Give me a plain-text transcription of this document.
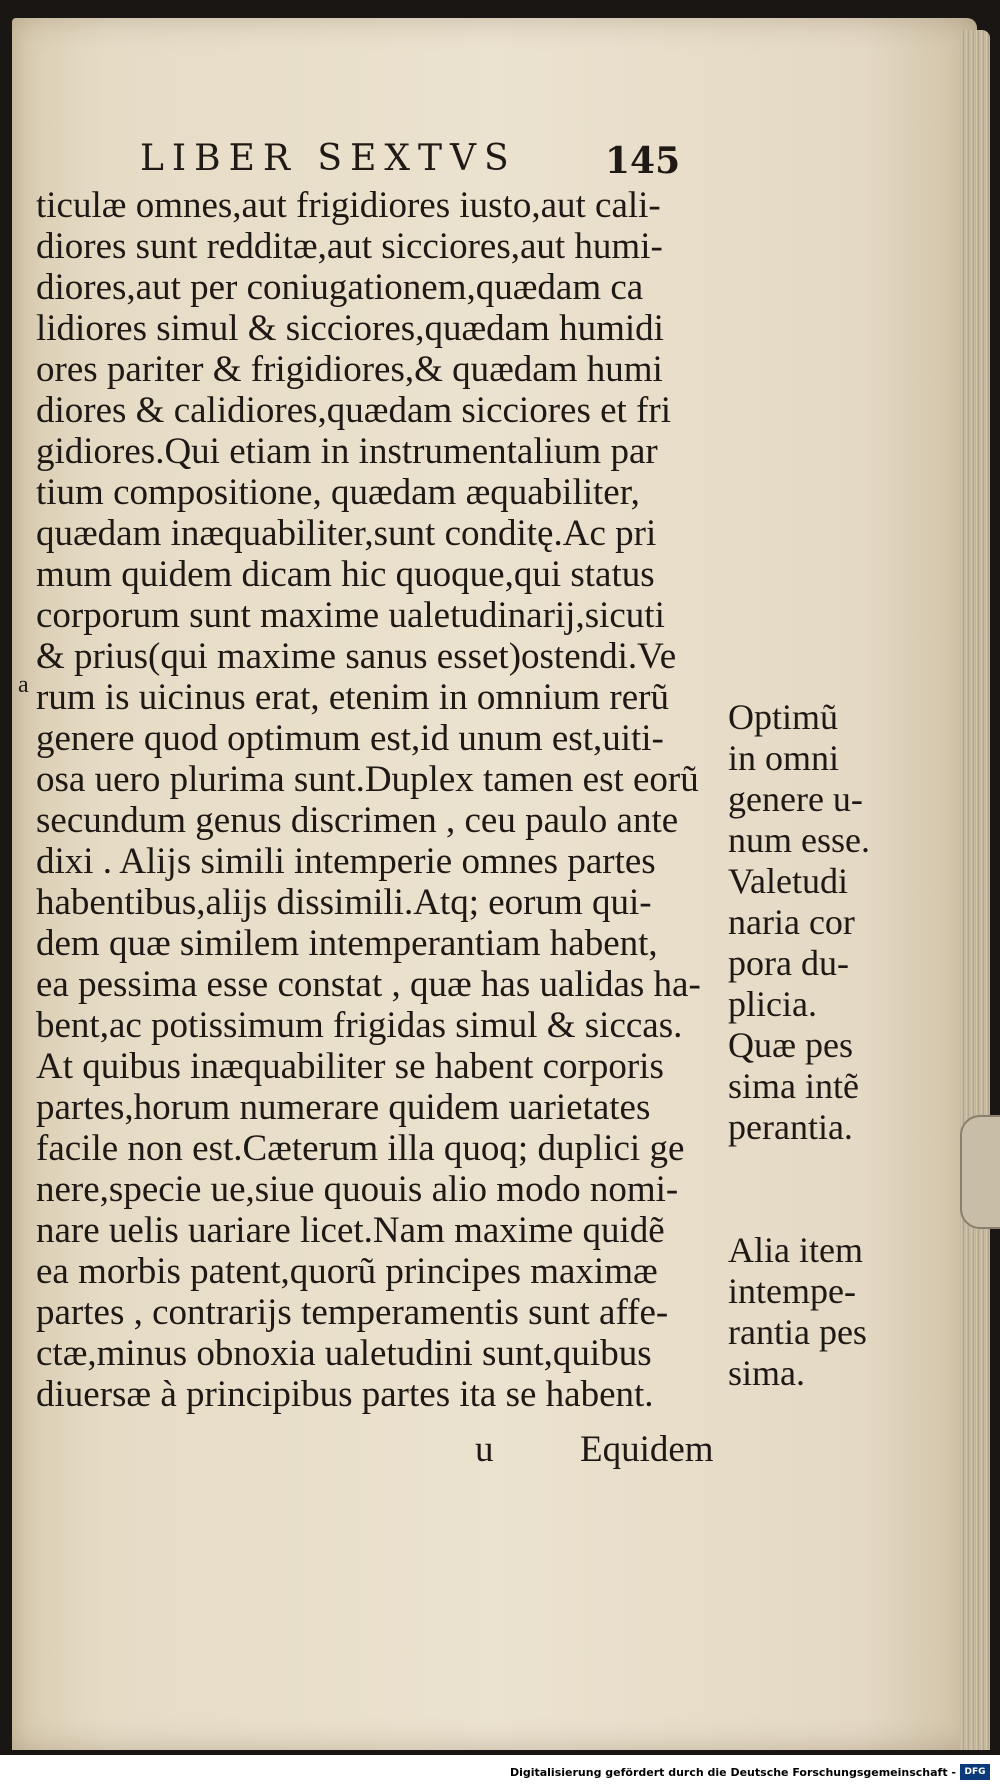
LIBER SEXTVS 145
a
ticulæ omnes,aut frigidiores iusto,aut cali-
diores sunt redditæ,aut sicciores,aut humi-
diores,aut per coniugationem,quædam ca
lidiores simul & sicciores,quædam humidi
ores pariter & frigidiores,& quædam humi
diores & calidiores,quædam sicciores et fri
gidiores.Qui etiam in instrumentalium par
tium compositione, quædam æquabiliter,
quædam inæquabiliter,sunt conditę.Ac pri
mum quidem dicam hic quoque,qui status
corporum sunt maxime ualetudinarij,sicuti
& prius(qui maxime sanus esset)ostendi.Ve
rum is uicinus erat, etenim in omnium rerũ
genere quod optimum est,id unum est,uiti-
osa uero plurima sunt.Duplex tamen est eorũ
secundum genus discrimen , ceu paulo ante
dixi . Alijs simili intemperie omnes partes
habentibus,alijs dissimili.Atq; eorum qui-
dem quæ similem intemperantiam habent,
ea pessima esse constat , quæ has ualidas ha-
bent,ac potissimum frigidas simul & siccas.
At quibus inæquabiliter se habent corporis
partes,horum numerare quidem uarietates
facile non est.Cæterum illa quoq; duplici ge
nere,specie ue,siue quouis alio modo nomi-
nare uelis uariare licet.Nam maxime quidẽ
ea morbis patent,quorũ principes maximæ
partes , contrarijs temperamentis sunt affe-
ctæ,minus obnoxia ualetudini sunt,quibus
diuersæ à principibus partes ita se habent.
Optimũ
in omni
genere u-
num esse.
Valetudi
naria cor
pora du-
plicia.
Quæ pes
sima intẽ
perantia.
Alia item
intempe-
rantia pes
sima.
u Equidem
Digitalisierung gefördert durch die Deutsche Forschungsgemeinschaft - DFG
